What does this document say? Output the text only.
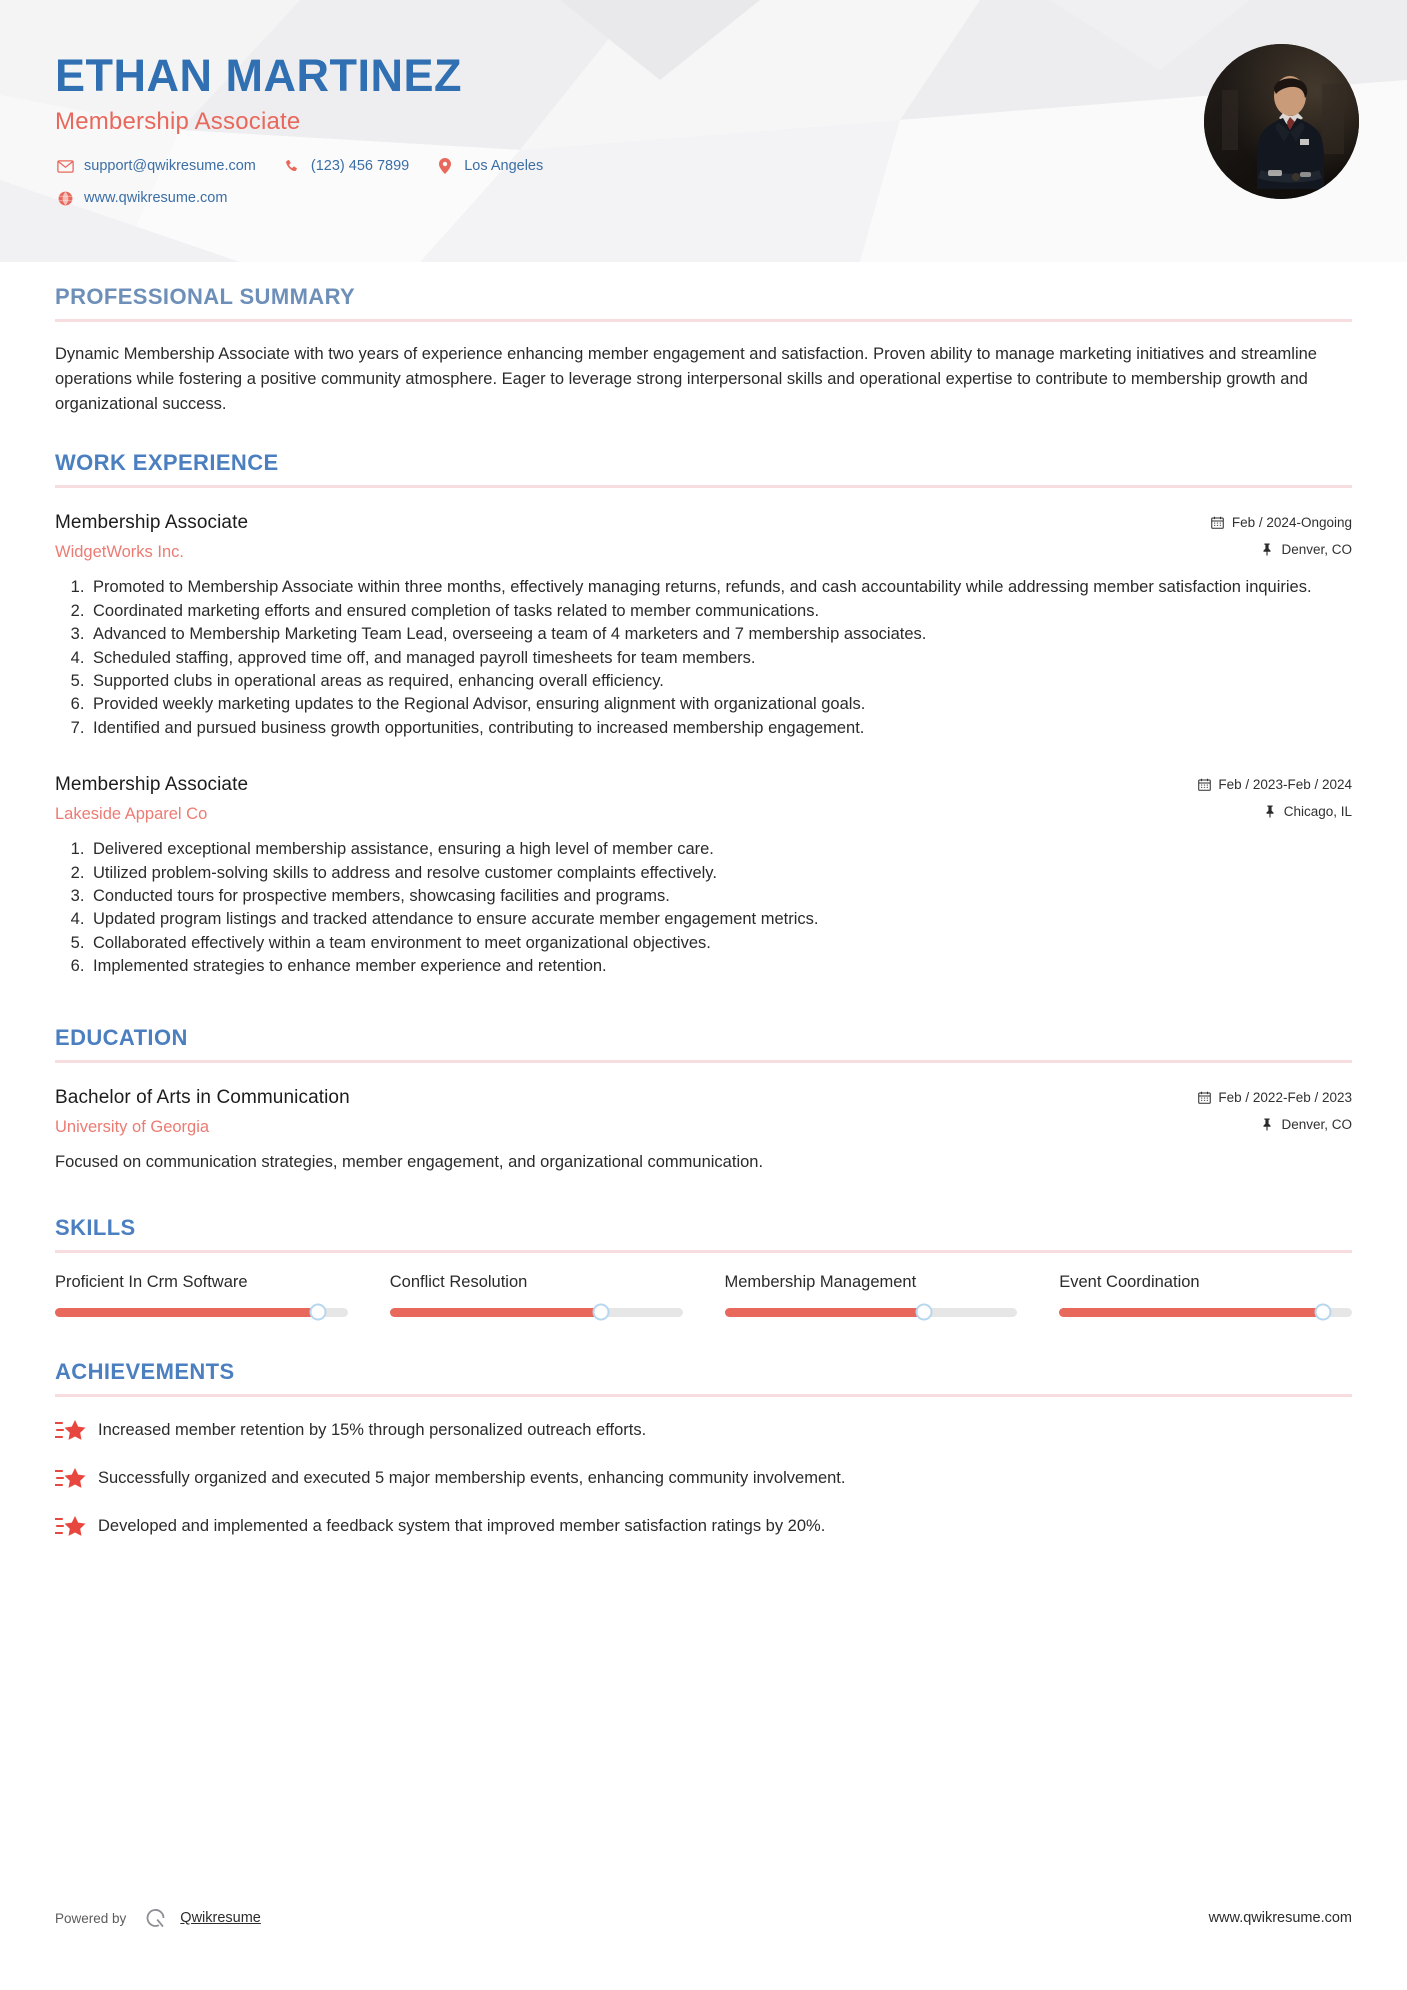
ETHAN MARTINEZ
Membership Associate
support@qwikresume.com	(123) 456 7899	Los Angeles
www.qwikresume.com
PROFESSIONAL SUMMARY
Dynamic Membership Associate with two years of experience enhancing member engagement and satisfaction. Proven ability to manage marketing initiatives and streamline operations while fostering a positive community atmosphere. Eager to leverage strong interpersonal skills and operational expertise to contribute to membership growth and organizational success.
WORK EXPERIENCE
Membership Associate
WidgetWorks Inc.
Feb / 2024-Ongoing
Denver, CO
1. Promoted to Membership Associate within three months, effectively managing returns, refunds, and cash accountability while addressing member satisfaction inquiries.
2. Coordinated marketing efforts and ensured completion of tasks related to member communications.
3. Advanced to Membership Marketing Team Lead, overseeing a team of 4 marketers and 7 membership associates.
4. Scheduled staffing, approved time off, and managed payroll timesheets for team members.
5. Supported clubs in operational areas as required, enhancing overall efficiency.
6. Provided weekly marketing updates to the Regional Advisor, ensuring alignment with organizational goals.
7. Identified and pursued business growth opportunities, contributing to increased membership engagement.
Membership Associate
Lakeside Apparel Co
Feb / 2023-Feb / 2024
Chicago, IL
1. Delivered exceptional membership assistance, ensuring a high level of member care.
2. Utilized problem-solving skills to address and resolve customer complaints effectively.
3. Conducted tours for prospective members, showcasing facilities and programs.
4. Updated program listings and tracked attendance to ensure accurate member engagement metrics.
5. Collaborated effectively within a team environment to meet organizational objectives.
6. Implemented strategies to enhance member experience and retention.
EDUCATION
Bachelor of Arts in Communication
University of Georgia
Feb / 2022-Feb / 2023
Denver, CO
Focused on communication strategies, member engagement, and organizational communication.
SKILLS
Proficient In Crm Software	Conflict Resolution	Membership Management	Event Coordination
ACHIEVEMENTS
Increased member retention by 15% through personalized outreach efforts.
Successfully organized and executed 5 major membership events, enhancing community involvement.
Developed and implemented a feedback system that improved member satisfaction ratings by 20%.
Powered by	Qwikresume	www.qwikresume.com
